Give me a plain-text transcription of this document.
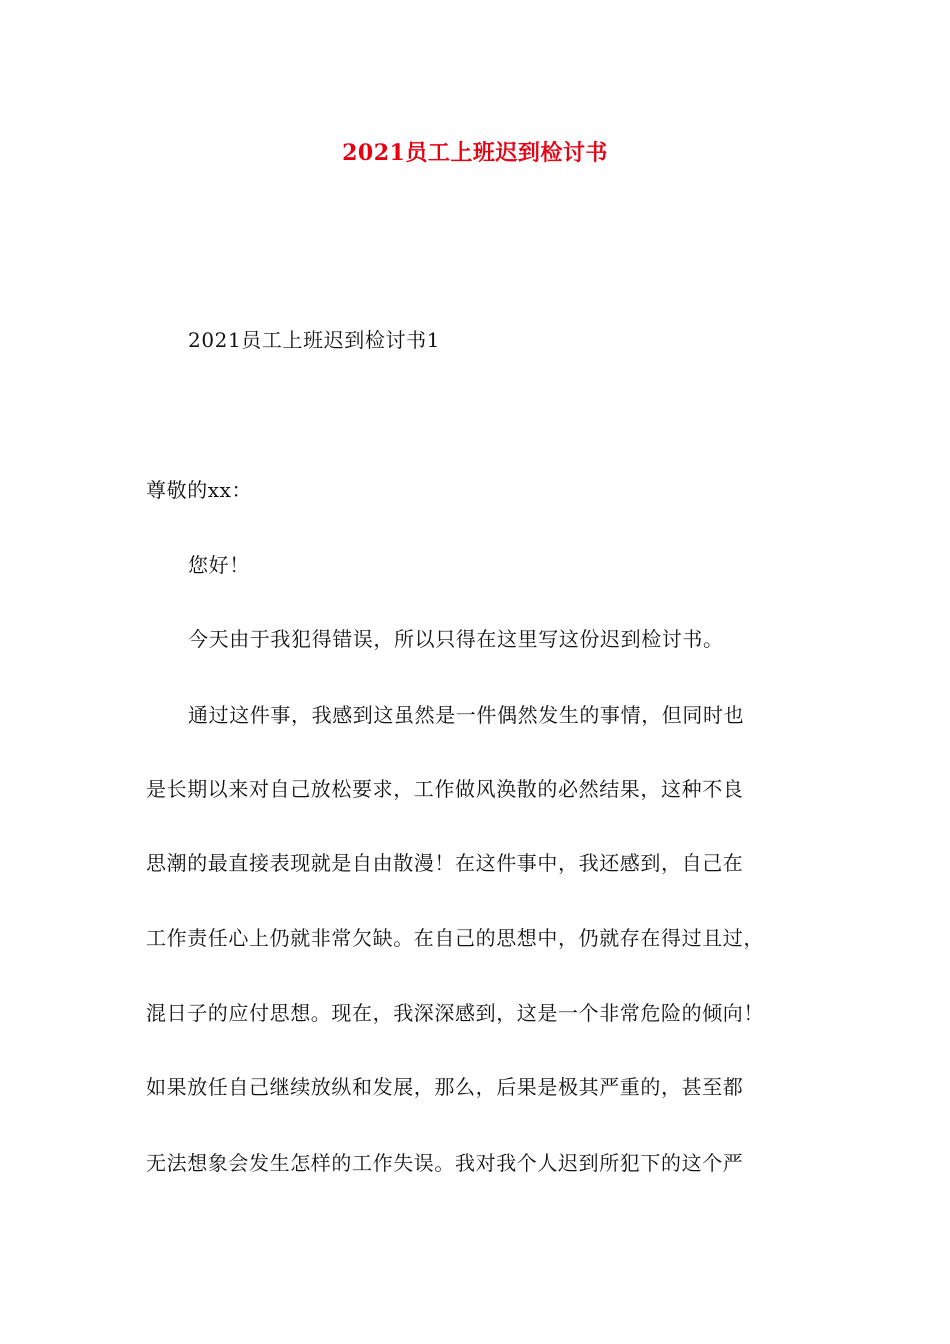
2021员工上班迟到检讨书
2021员工上班迟到检讨书1
尊敬的xx：
您好！
今天由于我犯得错误，所以只得在这里写这份迟到检讨书。
通过这件事，我感到这虽然是一件偶然发生的事情，但同时也
是长期以来对自己放松要求，工作做风涣散的必然结果，这种不良
思潮的最直接表现就是自由散漫！在这件事中，我还感到，自己在
工作责任心上仍就非常欠缺。在自己的思想中，仍就存在得过且过，
混日子的应付思想。现在，我深深感到，这是一个非常危险的倾向！
如果放任自己继续放纵和发展，那么，后果是极其严重的，甚至都
无法想象会发生怎样的工作失误。我对我个人迟到所犯下的这个严
